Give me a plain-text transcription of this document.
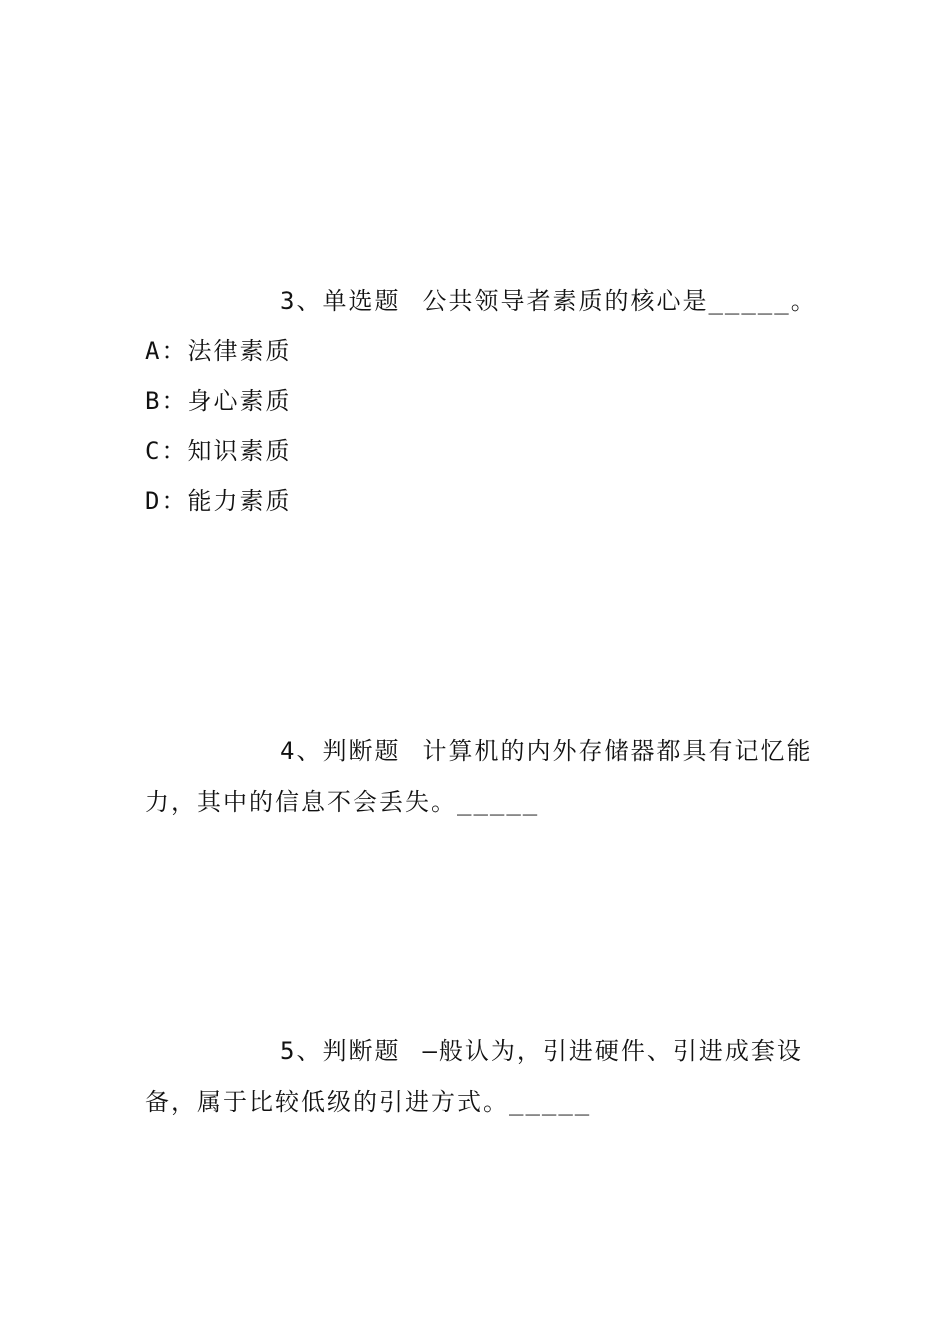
3、单选题 公共领导者素质的核心是_____。
A：法律素质
B：身心素质
C：知识素质
D：能力素质
4、判断题 计算机的内外存储器都具有记忆能
力，其中的信息不会丢失。_____
5、判断题 —般认为，引进硬件、引进成套设
备，属于比较低级的引进方式。_____
